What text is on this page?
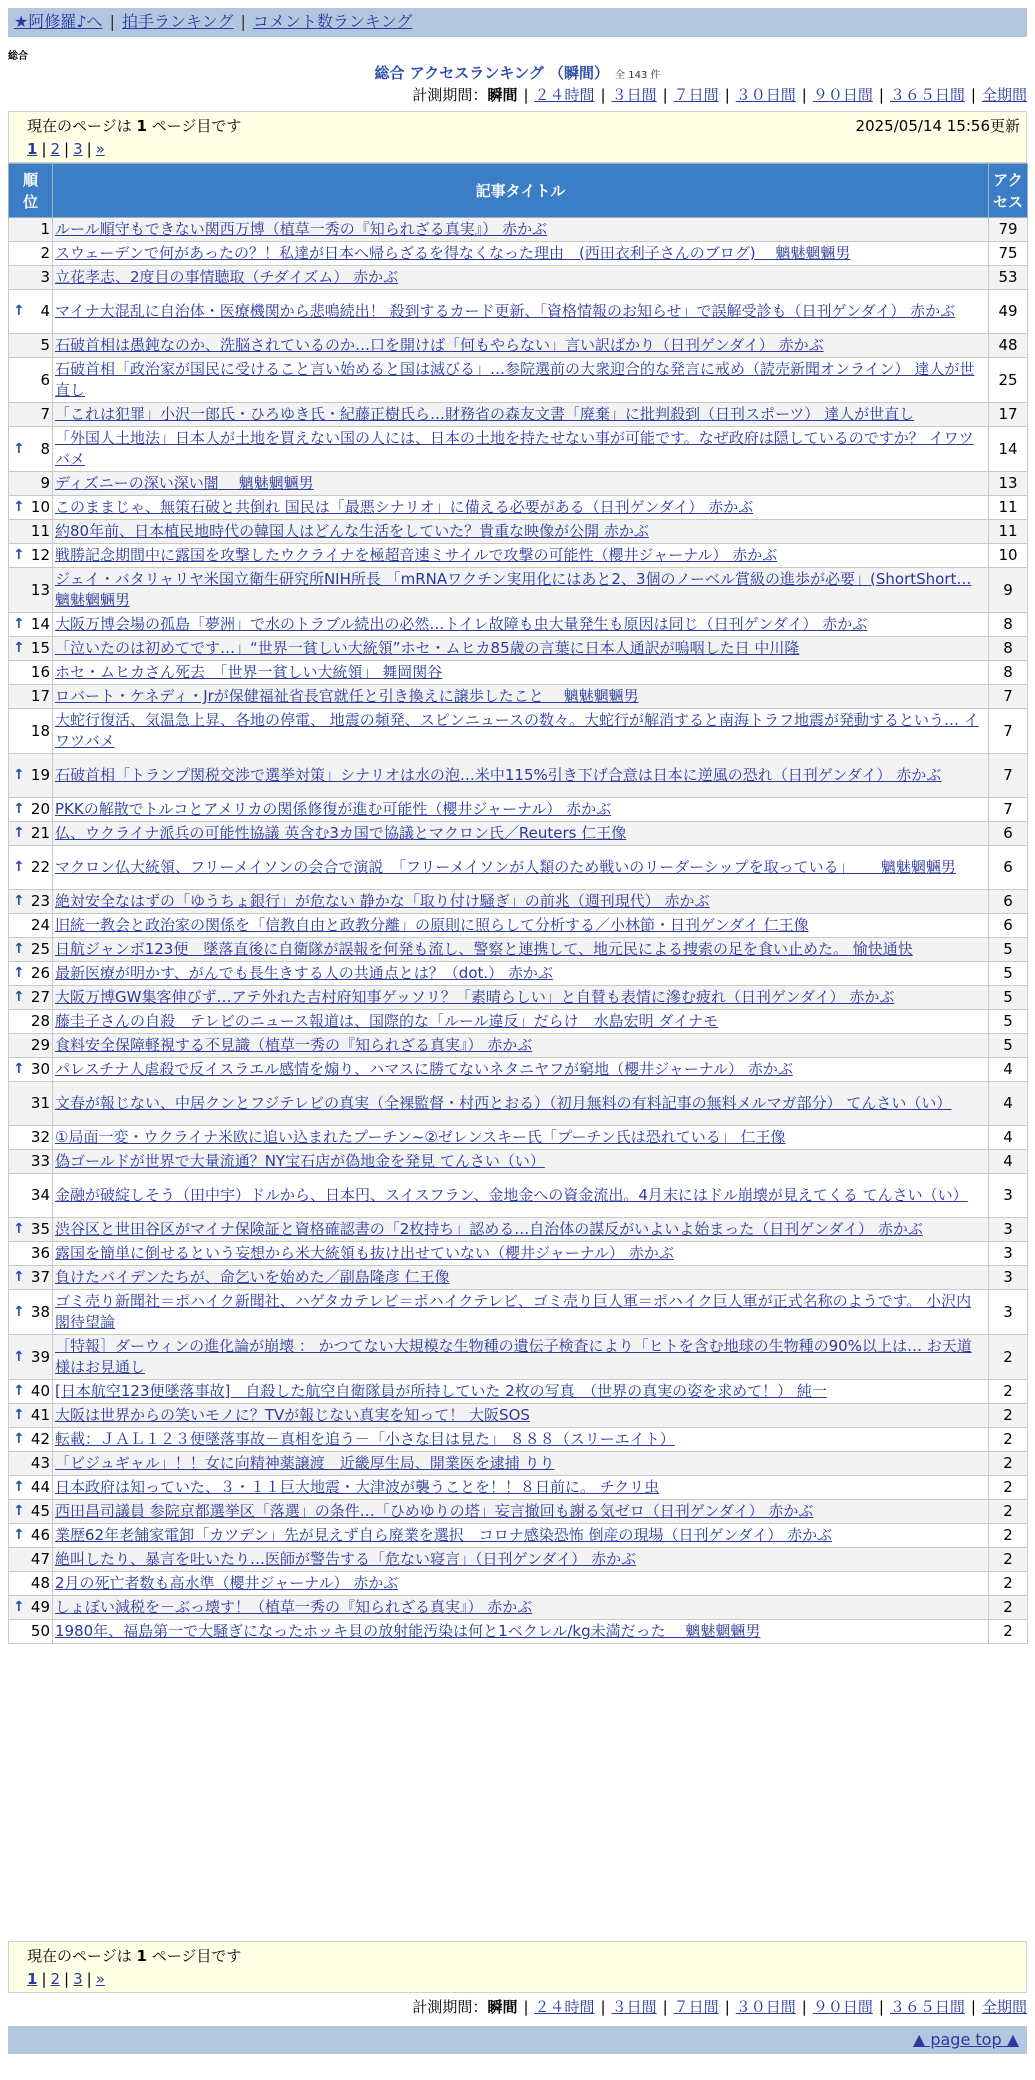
★阿修羅♪へ | 拍手ランキング | コメント数ランキング
総合
総合 アクセスランキング （瞬間） 全 143 件
計測期間：瞬間 | ２４時間 | ３日間 | ７日間 | ３０日間 | ９０日間 | ３６５日間 | 全期間
現在のページは 1 ページ目です	2025/05/14 15:56更新
1 | 2 | 3 | »
順位	記事タイトル	アクセス

1	ルール順守もできない関西万博（植草一秀の『知られざる真実』） 赤かぶ	79
2	スウェーデンで何があったの？！私達が日本へ帰らざるを得なくなった理由　(西田衣利子さんのブログ)　 魑魅魍魎男	75
3	立花孝志、2度目の事情聴取（チダイズム） 赤かぶ	53

↑ 4	マイナ大混乱に自治体・医療機関から悲鳴続出！ 殺到するカード更新、「資格情報のお知らせ」で誤解受診も（日刊ゲンダイ） 赤かぶ	49
5	石破首相は愚鈍なのか、洗脳されているのか…口を開けば「何もやらない」言い訳ばかり（日刊ゲンダイ） 赤かぶ	48
6	石破首相「政治家が国民に受けること言い始めると国は滅びる」…参院選前の大衆迎合的な発言に戒め（読売新聞オンライン） 達人が世直し	25
7	「これは犯罪」小沢一郎氏・ひろゆき氏・紀藤正樹氏ら…財務省の森友文書「廃棄」に批判殺到（日刊スポーツ） 達人が世直し	17

↑ 8	「外国人土地法」日本人が土地を買えない国の人には、日本の土地を持たせない事が可能です。なぜ政府は隠しているのですか？ イワツバメ	14
9	ディズニーの深い深い闇　 魑魅魍魎男	13

↑ 10	このままじゃ、無策石破と共倒れ 国民は「最悪シナリオ」に備える必要がある（日刊ゲンダイ） 赤かぶ	11
11	約80年前、日本植民地時代の韓国人はどんな生活をしていた？貴重な映像が公開 赤かぶ	11

↑ 12	戦勝記念期間中に露国を攻撃したウクライナを極超音速ミサイルで攻撃の可能性（櫻井ジャーナル） 赤かぶ	10
13	ジェイ・バタリャリヤ米国立衛生研究所NIH所長 「mRNAワクチン実用化にはあと2、3個のノーベル賞級の進歩が必要」(ShortShort… 魑魅魍魎男	9

↑ 14	大阪万博会場の孤島「夢洲」で水のトラブル続出の必然…トイレ故障も虫大量発生も原因は同じ（日刊ゲンダイ） 赤かぶ	8

↑ 15	「泣いたのは初めてです…」“世界一貧しい大統領”ホセ・ムヒカ85歳の言葉に日本人通訳が嗚咽した日 中川隆	8
16	ホセ・ムヒカさん死去　「世界一貧しい大統領」 舞岡関谷	8
17	ロバート・ケネディ・Jrが保健福祉省長官就任と引き換えに譲歩したこと　 魑魅魍魎男	7
18	大蛇行復活、気温急上昇、各地の停電、 地震の頻発、スピンニュースの数々。大蛇行が解消すると南海トラフ地震が発動するという… イワツバメ	7

↑ 19	石破首相「トランプ関税交渉で選挙対策」シナリオは水の泡…米中115%引き下げ合意は日本に逆風の恐れ（日刊ゲンダイ） 赤かぶ	7

↑ 20	PKKの解散でトルコとアメリカの関係修復が進む可能性（櫻井ジャーナル） 赤かぶ	7

↑ 21	仏、ウクライナ派兵の可能性協議 英含む3カ国で協議とマクロン氏／Reuters 仁王像	6

↑ 22	マクロン仏大統領、フリーメイソンの会合で演説　「フリーメイソンが人類のため戦いのリーダーシップを取っている」　　 魑魅魍魎男	6

↑ 23	絶対安全なはずの「ゆうちょ銀行」が危ない 静かな「取り付け騒ぎ」の前兆（週刊現代） 赤かぶ	6
24	旧統一教会と政治家の関係を「信教自由と政教分離」の原則に照らして分析する／小林節・日刊ゲンダイ 仁王像	6

↑ 25	日航ジャンボ123便　墜落直後に自衛隊が誤報を何発も流し、警察と連携して、地元民による捜索の足を食い止めた。 愉快通快	5

↑ 26	最新医療が明かす、がんでも長生きする人の共通点とは？（dot.） 赤かぶ	5

↑ 27	大阪万博GW集客伸びず…アテ外れた吉村府知事ゲッソリ？「素晴らしい」と自賛も表情に滲む疲れ（日刊ゲンダイ） 赤かぶ	5
28	藤圭子さんの自殺　テレビのニュース報道は、国際的な「ルール違反」だらけ　水島宏明 ダイナモ	5
29	食料安全保障軽視する不見識（植草一秀の『知られざる真実』） 赤かぶ	5

↑ 30	パレスチナ人虐殺で反イスラエル感情を煽り、ハマスに勝てないネタニヤフが窮地（櫻井ジャーナル） 赤かぶ	4
31	文春が報じない、中居クンとフジテレビの真実（全裸監督・村西とおる）（初月無料の有料記事の無料メルマガ部分） てんさい（い）	4
32	①局面一変・ウクライナ米欧に追い込まれたプーチン~②ゼレンスキー氏「プーチン氏は恐れている」 仁王像	4
33	偽ゴールドが世界で大量流通？NY宝石店が偽地金を発見 てんさい（い）	4
34	金融が破綻しそう（田中宇）ドルから、日本円、スイスフラン、金地金への資金流出。4月末にはドル崩壊が見えてくる てんさい（い）	3

↑ 35	渋谷区と世田谷区がマイナ保険証と資格確認書の「2枚持ち」認める…自治体の謀反がいよいよ始まった（日刊ゲンダイ） 赤かぶ	3
36	露国を簡単に倒せるという妄想から米大統領も抜け出せていない（櫻井ジャーナル） 赤かぶ	3

↑ 37	負けたバイデンたちが、命乞いを始めた／副島隆彦 仁王像	3

↑ 38	ゴミ売り新聞社＝ポハイク新聞社、ハゲタカテレビ＝ポハイクテレビ、ゴミ売り巨人軍＝ポハイク巨人軍が正式名称のようです。 小沢内閣待望論	3

↑ 39	［特報］ダーウィンの進化論が崩壊 ： かつてない大規模な生物種の遺伝子検査により「ヒトを含む地球の生物種の90%以上は… お天道様はお見通し	2

↑ 40	[日本航空123便墜落事故]　自殺した航空自衛隊員が所持していた 2枚の写真　（世界の真実の姿を求めて！） 純一	2

↑ 41	大阪は世界からの笑いモノに？TVが報じない真実を知って！ 大阪SOS	2

↑ 42	転載：ＪＡＬ１２３便墜落事故－真相を追う－「小さな目は見た」 ８８８（スリーエイト）	2
43	「ビジュギャル」！！女に向精神薬譲渡　近畿厚生局、開業医を逮捕 りり	2

↑ 44	日本政府は知っていた、３・１１巨大地震・大津波が襲うことを！！８日前に。 チクリ虫	2

↑ 45	西田昌司議員 参院京都選挙区「落選」の条件…「ひめゆりの塔」妄言撤回も謝る気ゼロ（日刊ゲンダイ） 赤かぶ	2

↑ 46	業歴62年老舗家電卸「カツデン」先が見えず自ら廃業を選択　コロナ感染恐怖 倒産の現場（日刊ゲンダイ） 赤かぶ	2
47	絶叫したり、暴言を吐いたり…医師が警告する「危ない寝言」（日刊ゲンダイ） 赤かぶ	2
48	2月の死亡者数も高水準（櫻井ジャーナル） 赤かぶ	2

↑ 49	しょぼい減税を－ぶっ壊す！（植草一秀の『知られざる真実』） 赤かぶ	2
50	1980年、福島第一で大騒ぎになったホッキ貝の放射能汚染は何と1ベクレル/kg未満だった　 魑魅魍魎男	2
現在のページは 1 ページ目です
1 | 2 | 3 | »
計測期間：瞬間 | ２４時間 | ３日間 | ７日間 | ３０日間 | ９０日間 | ３６５日間 | 全期間
▲ page top ▲
